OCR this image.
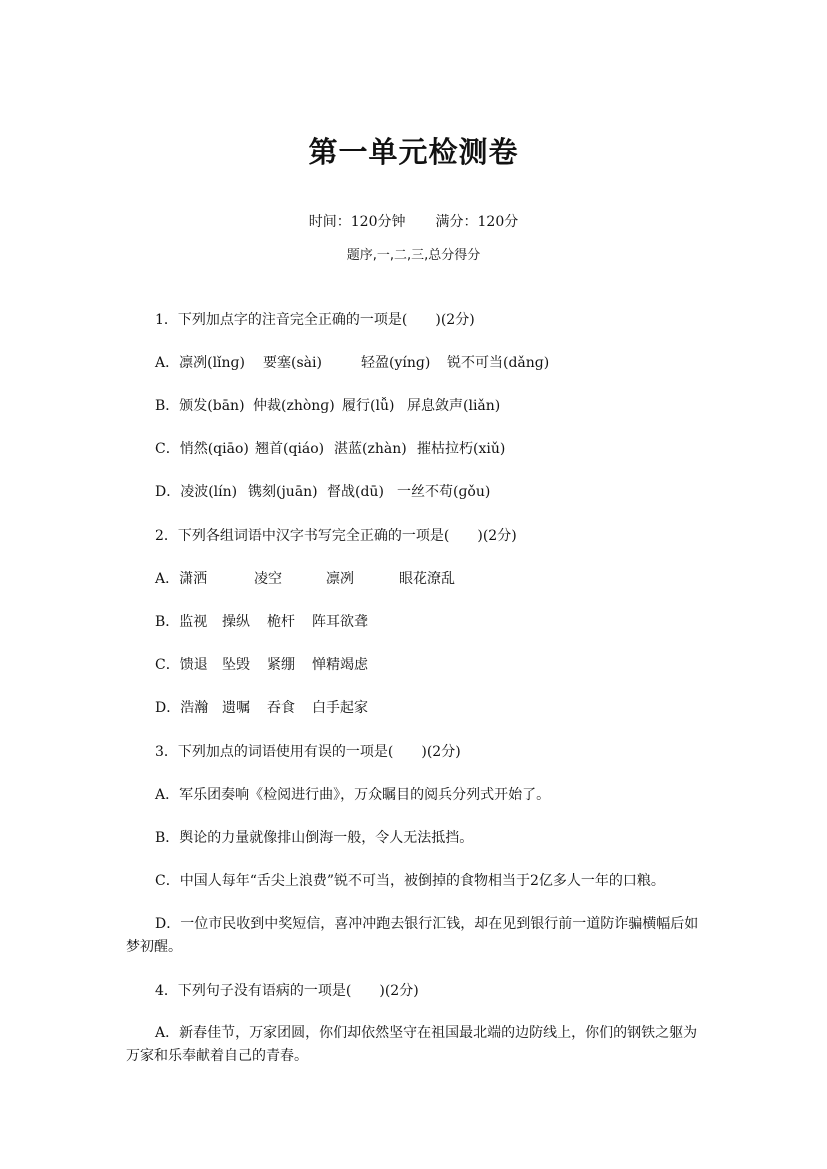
第一单元检测卷
时间：120分钟 满分：120分
题序,一,二,三,总分得分
1．下列加点字的注音完全正确的一项是(　　)(2分)
A．凛冽(lǐnɡ) 要塞(sài)	轻盈(yínɡ) 锐不可当(dǎnɡ)
B．颁发(bān) 仲裁(zhònɡ) 履行(lǚ) 屏息敛声(liǎn)
C．悄然(qiāo) 翘首(qiáo) 湛蓝(zhàn) 摧枯拉朽(xiǔ)
D．凌波(lín) 镌刻(juān) 督战(dū) 一丝不苟(ɡǒu)
2．下列各组词语中汉字书写完全正确的一项是(　　)(2分)
A．潇洒	凌空	凛冽	眼花潦乱
B．监视 操纵 桅杆 阵耳欲聋
C．馈退 坠毁 紧绷 惮精竭虑
D．浩瀚 遗嘱 吞食 白手起家
3．下列加点的词语使用有误的一项是(　　)(2分)
A．军乐团奏响《检阅进行曲》，万众瞩目的阅兵分列式开始了。
B．舆论的力量就像排山倒海一般，令人无法抵挡。
C．中国人每年“舌尖上浪费”锐不可当，被倒掉的食物相当于2亿多人一年的口粮。
D．一位市民收到中奖短信，喜冲冲跑去银行汇钱，却在见到银行前一道防诈骗横幅后如梦初醒。
4．下列句子没有语病的一项是(　　)(2分)
A．新春佳节，万家团圆，你们却依然坚守在祖国最北端的边防线上，你们的钢铁之躯为万家和乐奉献着自己的青春。
